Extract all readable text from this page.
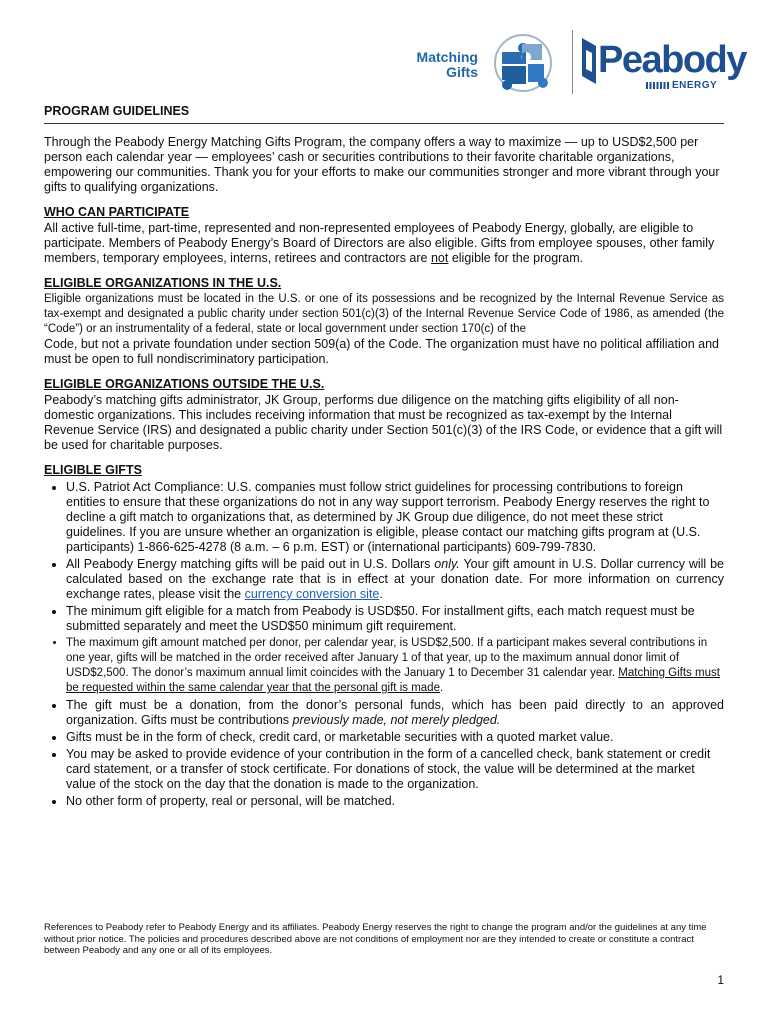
Matching
Gifts	Peabody
ENERGY
PROGRAM GUIDELINES

Through the Peabody Energy Matching Gifts Program, the company offers a way to maximize — up to USD$2,500 per person each calendar year — employees’ cash or securities contributions to their favorite charitable organizations, empowering our communities. Thank you for your efforts to make our communities stronger and more vibrant through your gifts to qualifying organizations.

WHO CAN PARTICIPATE

All active full-time, part-time, represented and non-represented employees of Peabody Energy, globally, are eligible to participate. Members of Peabody Energy’s Board of Directors are also eligible. Gifts from employee spouses, other family members, temporary employees, interns, retirees and contractors are not eligible for the program.

ELIGIBLE ORGANIZATIONS IN THE U.S.

Eligible organizations must be located in the U.S. or one of its possessions and be recognized by the Internal Revenue Service as tax-exempt and designated a public charity under section 501(c)(3) of the Internal Revenue Service Code of 1986, as amended (the “Code”) or an instrumentality of a federal, state or local government under section 170(c) of the

Code, but not a private foundation under section 509(a) of the Code. The organization must have no political affiliation and must be open to full nondiscriminatory participation.

ELIGIBLE ORGANIZATIONS OUTSIDE THE U.S.

Peabody’s matching gifts administrator, JK Group, performs due diligence on the matching gifts eligibility of all non-domestic organizations. This includes receiving information that must be recognized as tax-exempt by the Internal Revenue Service (IRS) and designated a public charity under Section 501(c)(3) of the IRS Code, or evidence that a gift will be used for charitable purposes.

ELIGIBLE GIFTS
• U.S. Patriot Act Compliance: U.S. companies must follow strict guidelines for processing contributions to foreign entities to ensure that these organizations do not in any way support terrorism. Peabody Energy reserves the right to decline a gift match to organizations that, as determined by JK Group due diligence, do not meet these strict guidelines. If you are unsure whether an organization is eligible, please contact our matching gifts program at (U.S. participants) 1-866-625-4278 (8 a.m. – 6 p.m. EST) or (international participants) 609-799-7830.
• All Peabody Energy matching gifts will be paid out in U.S. Dollars only. Your gift amount in U.S. Dollar currency will be calculated based on the exchange rate that is in effect at your donation date. For more information on currency exchange rates, please visit the currency conversion site.
• The minimum gift eligible for a match from Peabody is USD$50. For installment gifts, each match request must be submitted separately and meet the USD$50 minimum gift requirement.
• The maximum gift amount matched per donor, per calendar year, is USD$2,500. If a participant makes several contributions in one year, gifts will be matched in the order received after January 1 of that year, up to the maximum annual donor limit of USD$2,500. The donor’s maximum annual limit coincides with the January 1 to December 31 calendar year. Matching Gifts must be requested within the same calendar year that the personal gift is made.
• The gift must be a donation, from the donor’s personal funds, which has been paid directly to an approved organization. Gifts must be contributions previously made, not merely pledged.
• Gifts must be in the form of check, credit card, or marketable securities with a quoted market value.
• You may be asked to provide evidence of your contribution in the form of a cancelled check, bank statement or credit card statement, or a transfer of stock certificate. For donations of stock, the value will be determined at the market value of the stock on the day that the donation is made to the organization.
• No other form of property, real or personal, will be matched.
References to Peabody refer to Peabody Energy and its affiliates. Peabody Energy reserves the right to change the program and/or the guidelines at any time without prior notice. The policies and procedures described above are not conditions of employment nor are they intended to create or constitute a contract between Peabody and any one or all of its employees.
1
